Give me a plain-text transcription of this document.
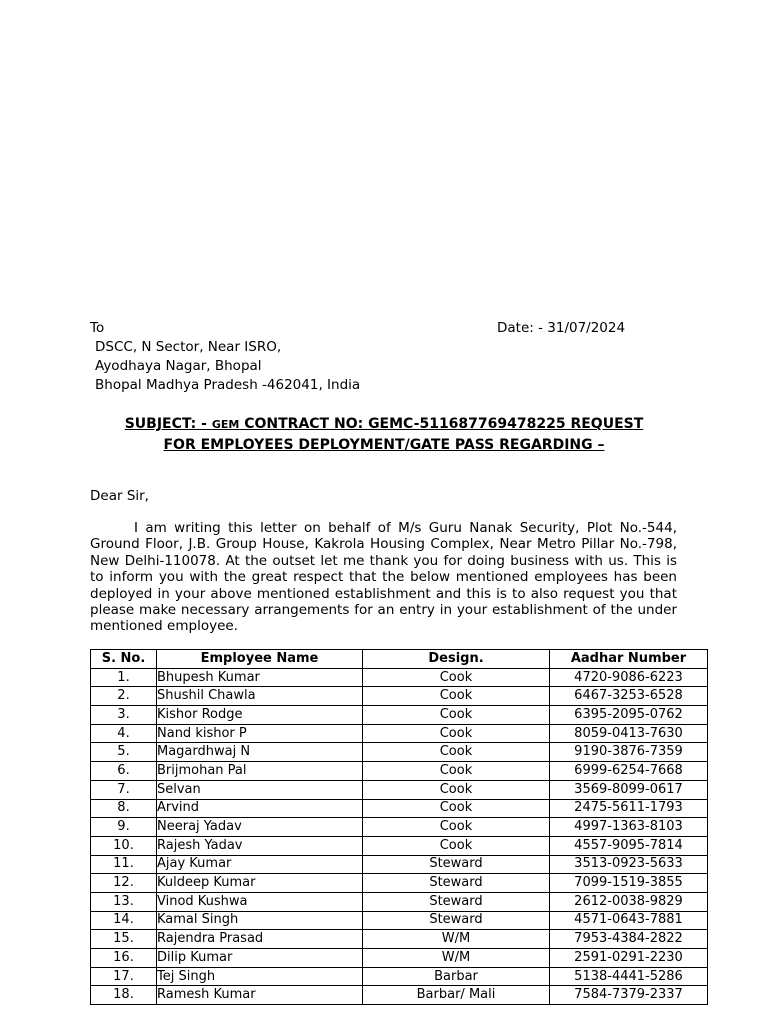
To	Date: - 31/07/2024
DSCC, N Sector, Near ISRO,
Ayodhaya Nagar, Bhopal
Bhopal Madhya Pradesh -462041, India
SUBJECT: - GEM CONTRACT NO: GEMC-511687769478225 REQUEST
FOR EMPLOYEES DEPLOYMENT/GATE PASS REGARDING –
Dear Sir,

I am writing this letter on behalf of M/s Guru Nanak Security, Plot No.-544, Ground Floor, J.B. Group House, Kakrola Housing Complex, Near Metro Pillar No.-798, New Delhi-110078. At the outset let me thank you for doing business with us. This is to inform you with the great respect that the below mentioned employees has been deployed in your above mentioned establishment and this is to also request you that please make necessary arrangements for an entry in your establishment of the under mentioned employee.

S. No.	Employee Name	Design.	Aadhar Number
1.	Bhupesh Kumar	Cook	4720-9086-6223
2.	Shushil Chawla	Cook	6467-3253-6528
3.	Kishor Rodge	Cook	6395-2095-0762
4.	Nand kishor P	Cook	8059-0413-7630
5.	Magardhwaj N	Cook	9190-3876-7359
6.	Brijmohan Pal	Cook	6999-6254-7668
7.	Selvan	Cook	3569-8099-0617
8.	Arvind	Cook	2475-5611-1793
9.	Neeraj Yadav	Cook	4997-1363-8103
10.	Rajesh Yadav	Cook	4557-9095-7814
11.	Ajay Kumar	Steward	3513-0923-5633
12.	Kuldeep Kumar	Steward	7099-1519-3855
13.	Vinod Kushwa	Steward	2612-0038-9829
14.	Kamal Singh	Steward	4571-0643-7881
15.	Rajendra Prasad	W/M	7953-4384-2822
16.	Dilip Kumar	W/M	2591-0291-2230
17.	Tej Singh	Barbar	5138-4441-5286
18.	Ramesh Kumar	Barbar/ Mali	7584-7379-2337
